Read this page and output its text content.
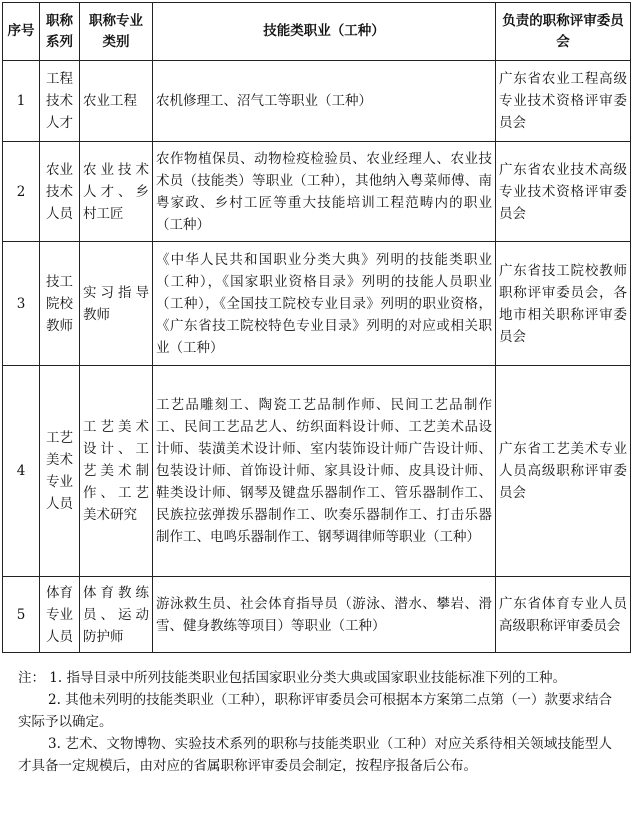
序号	职称系列	职称专业类别	技能类职业（工种）	负责的职称评审委员会
1	工程技术人才	农业工程	农机修理工、沼气工等职业（工种）	广东省农业工程高级专业技术资格评审委员会
2	农业技术人员	农业技术人才、乡村工匠	农作物植保员、动物检疫检验员、农业经理人、农业技术员（技能类）等职业（工种），其他纳入粤菜师傅、南粤家政、乡村工匠等重大技能培训工程范畴内的职业（工种）	广东省农业技术高级专业技术资格评审委员会
3	技工院校教师	实习指导教师	《中华人民共和国职业分类大典》列明的技能类职业（工种），《国家职业资格目录》列明的技能人员职业（工种），《全国技工院校专业目录》列明的职业资格，《广东省技工院校特色专业目录》列明的对应或相关职业（工种）	广东省技工院校教师职称评审委员会，各地市相关职称评审委员会
4	工艺美术专业人员	工艺美术设计、工艺美术制作、工艺美术研究	工艺品雕刻工、陶瓷工艺品制作师、民间工艺品制作工、民间工艺品艺人、纺织面料设计师、工艺美术品设计师、装潢美术设计师、室内装饰设计师广告设计师、包装设计师、首饰设计师、家具设计师、皮具设计师、鞋类设计师、钢琴及键盘乐器制作工、管乐器制作工、民族拉弦弹拨乐器制作工、吹奏乐器制作工、打击乐器制作工、电鸣乐器制作工、钢琴调律师等职业（工种）	广东省工艺美术专业人员高级职称评审委员会
5	体育专业人员	体育教练员、运动防护师	游泳救生员、社会体育指导员（游泳、潜水、攀岩、滑雪、健身教练等项目）等职业（工种）	广东省体育专业人员高级职称评审委员会

注： 1. 指导目录中所列技能类职业包括国家职业分类大典或国家职业技能标准下列的工种。

2. 其他未列明的技能类职业（工种），职称评审委员会可根据本方案第二点第（一）款要求结合实际予以确定。

3. 艺术、文物博物、实验技术系列的职称与技能类职业（工种）对应关系待相关领域技能型人才具备一定规模后，由对应的省属职称评审委员会制定，按程序报备后公布。
